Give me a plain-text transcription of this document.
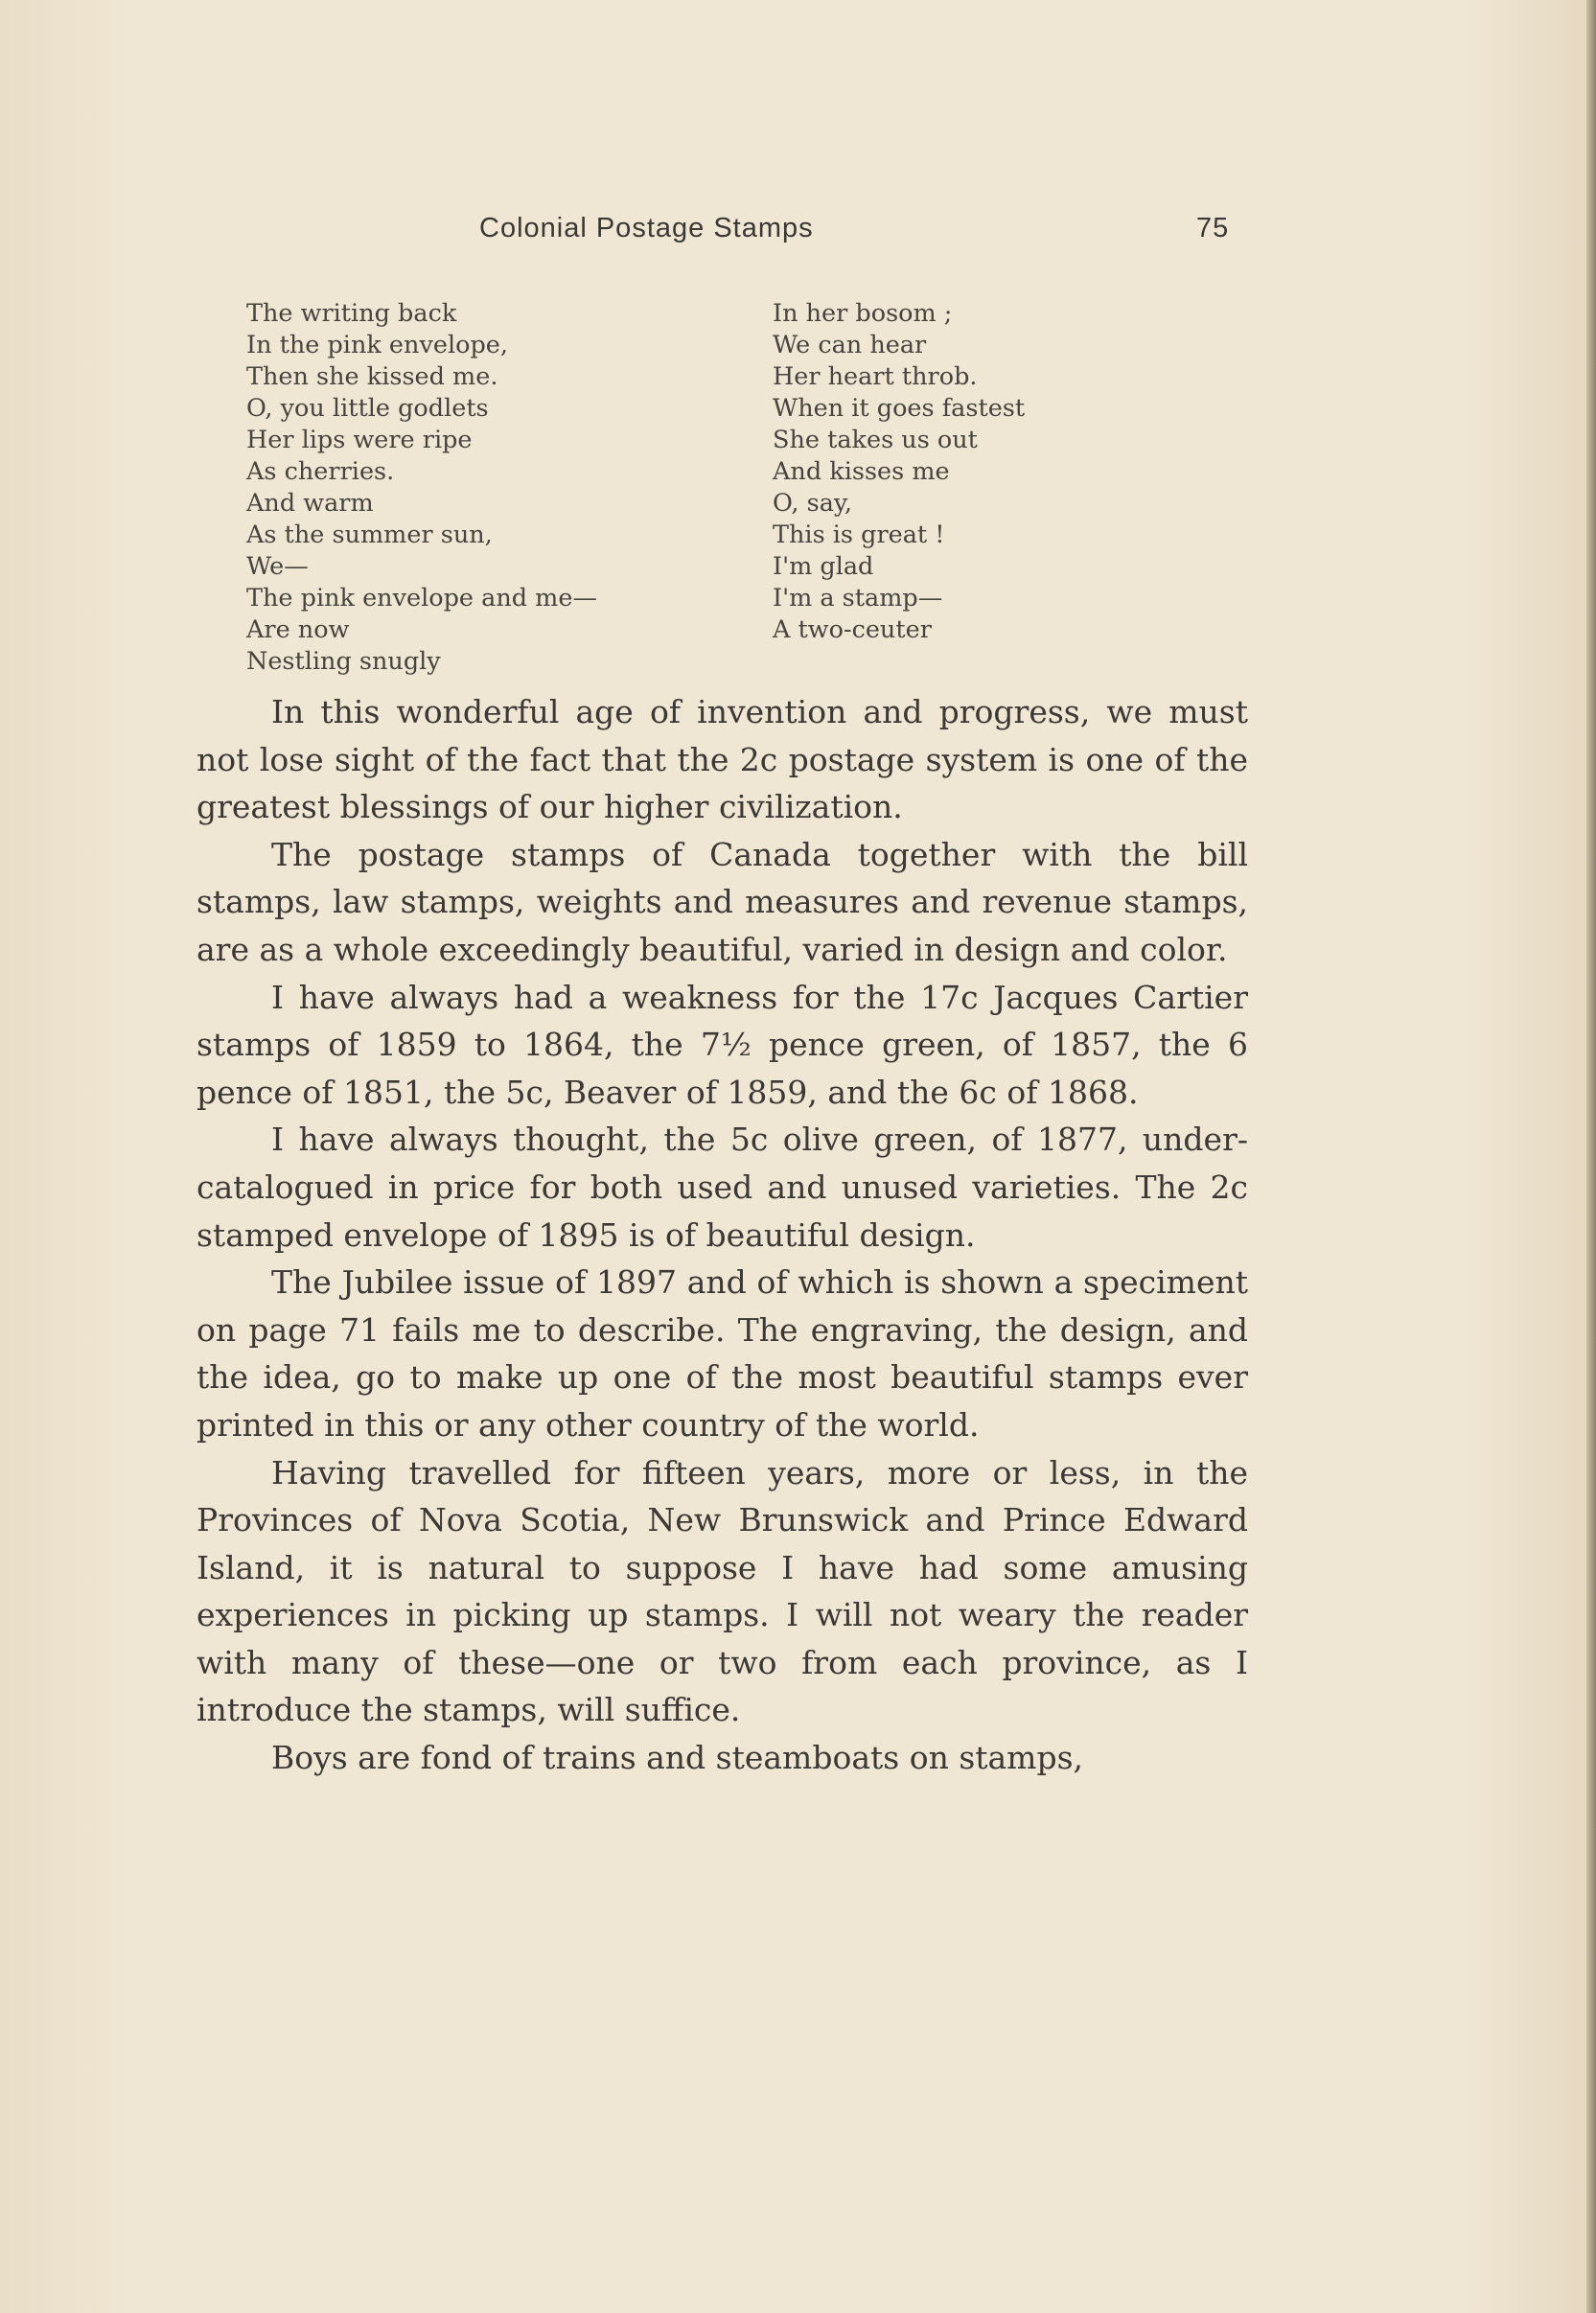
Colonial Postage Stamps	75
The writing back
In the pink envelope,
Then she kissed me.
O, you little godlets
Her lips were ripe
As cherries.
And warm
As the summer sun,
We—
The pink envelope and me—
Are now
Nestling snugly
In her bosom ;
We can hear
Her heart throb.
When it goes fastest
She takes us out
And kisses me
O, say,
This is great !
I'm glad
I'm a stamp—
A two-ceuter

In this wonderful age of invention and progress, we must not lose sight of the fact that the 2c postage system is one of the greatest blessings of our higher civilization.

The postage stamps of Canada together with the bill stamps, law stamps, weights and measures and revenue stamps, are as a whole exceedingly beautiful, varied in design and color.

I have always had a weakness for the 17c Jacques Cartier stamps of 1859 to 1864, the 7½ pence green, of 1857, the 6 pence of 1851, the 5c, Beaver of 1859, and the 6c of 1868.

I have always thought, the 5c olive green, of 1877, under-catalogued in price for both used and unused varieties. The 2c stamped envelope of 1895 is of beautiful design.

The Jubilee issue of 1897 and of which is shown a speciment on page 71 fails me to describe. The engraving, the design, and the idea, go to make up one of the most beautiful stamps ever printed in this or any other country of the world.

Having travelled for fifteen years, more or less, in the Provinces of Nova Scotia, New Brunswick and Prince Edward Island, it is natural to suppose I have had some amusing experiences in picking up stamps. I will not weary the reader with many of these—one or two from each province, as I introduce the stamps, will suffice.

Boys are fond of trains and steamboats on stamps,
